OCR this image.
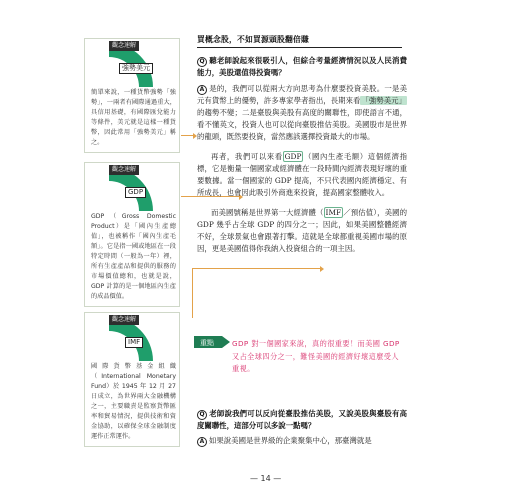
觀念速解
強勢美元
簡單來說，一種貨幣強勢「強勢」，一兩者有國際通過重大，具信用基礎，有國際匯兌能力等條件，美元就是這樣一種貨幣，因此常用「強勢美元」稱之。
觀念速解
GDP
GDP（Gross Domestic Product）是「國內生產總值」，也被稱作「國內生產毛額」。它是指一國或地區在一段特定時間（一般為一年）裡，所有生產產品和提供的服務的市場價值總和，也就是說，GDP 計算的是一個地區內生產的成品價值。
觀念速解
IMF
國際貨幣基金組織（International Monetary Fund）於 1945 年 12 月 27 日成立，為世界兩大金融機構之一，主要職責是監察貨幣匯率和貿易情況，提供技術和資金協助，以確保全球金融制度運作正常運作。
買概念股，不如買源頭股翻倍賺

Q 聽老師說起來很吸引人，但綜合考量經濟情況以及人民消費能力，美股還值得投資嗎？

A 是的，我們可以從兩大方向思考為什麼要投資美股。一是美元有貨幣上的優勢，許多專家學者指出，長期來看「強勢美元」的趨勢不變；二是臺股與美股有高度的關聯性，即使語言不通，看不懂英文，投資人也可以從向臺股推估美股。美國股市是世界的龍頭，既然要投資，當然應該選擇投資最大的市場。

再者，我們可以來看 GDP （國內生產毛額）這個經濟指標，它是衡量一個國家或經濟體在一段時間內經濟表現好壞的重要數據。當一個國家的 GDP 提高，不只代表國內經濟穩定、有所成長，也會因此吸引外商進來投資，提高國家整體收入。

而美國號稱是世界第一大經濟體（ IMF ／預估值），美國的 GDP 幾乎占全球 GDP 的四分之一；因此，如果美國整體經濟不好，全球景氣也會跟著打擊。這就是全球都重視美國市場的原因，更是美國值得你我納入投資組合的一項主因。

重點	GDP 對一個國家來說，真的很重要！而美國 GDP 又占全球四分之一，難怪美國的經濟好壞這麼受人重視。

Q 老師說我們可以反向從臺股推估美股，又說美股與臺股有高度關聯性，這部分可以多說一點嗎？

A 如果說美國是世界級的企業聚集中心，那臺灣就是

— 14 —
